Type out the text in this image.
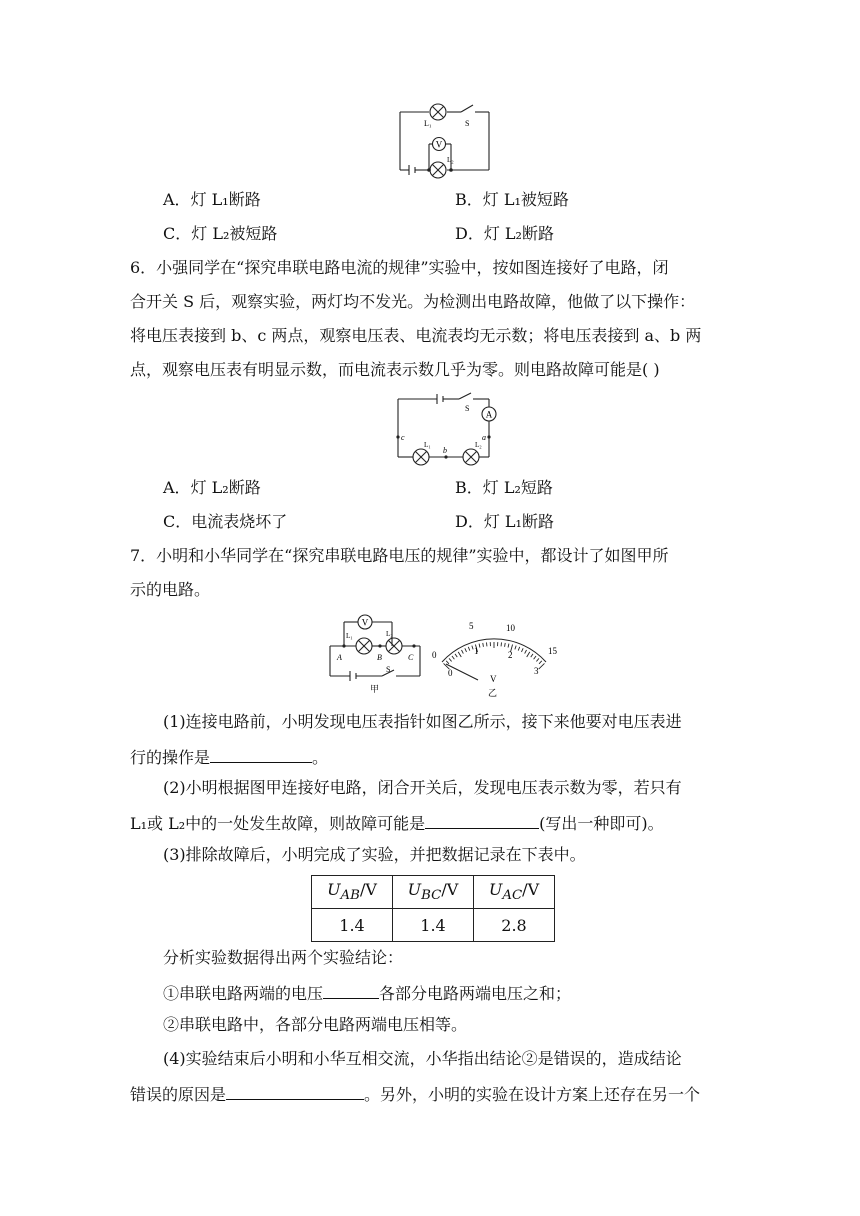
V
L₁	S
L₂
A．灯 L₁断路	B．灯 L₁被短路
C．灯 L₂被短路	D．灯 L₂断路
6．小强同学在“探究串联电路电流的规律”实验中，按如图连接好了电路，闭
合开关 S 后，观察实验，两灯均不发光。为检测出电路故障，他做了以下操作：
将电压表接到 b、c 两点，观察电压表、电流表均无示数；将电压表接到 a、b 两
点，观察电压表有明显示数，而电流表示数几乎为零。则电路故障可能是( )
A
S
c
b
a
L₁	L₂
A．灯 L₂断路	B．灯 L₂短路
C．电流表烧坏了	D．灯 L₁断路
7．小明和小华同学在“探究串联电路电压的规律”实验中，都设计了如图甲所
示的电路。
V
L₁	L₂
A	B	C
S
甲
0
5	10
15
0
1	2
3
V
乙
(1)连接电路前，小明发现电压表指针如图乙所示，接下来他要对电压表进
行的操作是	。
(2)小明根据图甲连接好电路，闭合开关后，发现电压表示数为零，若只有
L₁或 L₂中的一处发生故障，则故障可能是	(写出一种即可)。
(3)排除故障后，小明完成了实验，并把数据记录在下表中。
$U_{AB}/V$	$U_{BC}/V$	$U_{AC}/V$
1.4	1.4	2.8
分析实验数据得出两个实验结论：
①串联电路两端的电压	各部分电路两端电压之和；
②串联电路中，各部分电路两端电压相等。
(4)实验结束后小明和小华互相交流，小华指出结论②是错误的，造成结论
错误的原因是	。另外，小明的实验在设计方案上还存在另一个
